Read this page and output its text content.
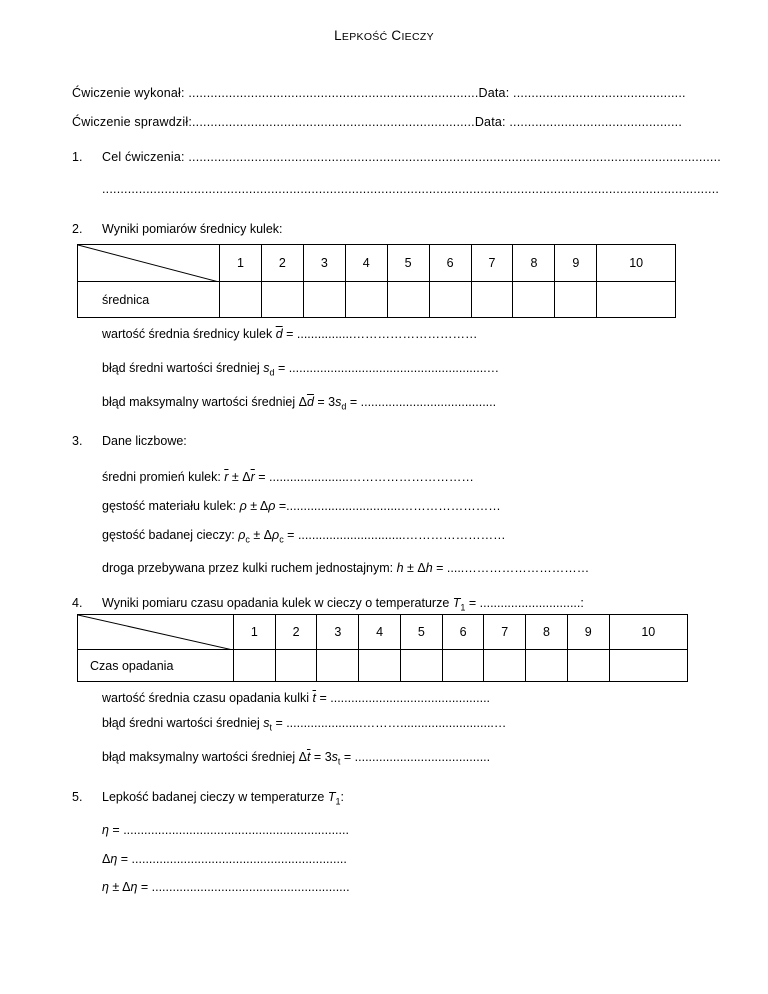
LEPKOŚĆ CIECZY
Ćwiczenie wykonał: ...............................................................................Data: ...............................................
Ćwiczenie sprawdził:.............................................................................Data: ...............................................
1. Cel ćwiczenia: .................................................................................................................................................
........................................................................................................................................................................
2. Wyniki pomiarów średnicy kulek:
	1	2	3	4	5	6	7	8	9	10
średnica										
wartość średnia średnicy kulek $\overline{d}$ = ................…………………………
błąd średni wartości średniej $s_d$ = .........................................................…
błąd maksymalny wartości średniej $\Delta\overline{d} = 3s_d$ = .......................................
3. Dane liczbowe:
średni promień kulek: $\overline{r} \pm \Delta\overline{r}$ = .......................…………………………
gęstość materiału kulek: ρ ± Δρ =.................................……………………
gęstość badanej cieczy: $\rho_c \pm \Delta\rho_c$ = ...............................……………………
droga przebywana przez kulki ruchem jednostajnym: h ± Δh = .....…………………………
4. Wyniki pomiaru czasu opadania kulek w cieczy o temperaturze $T_1$ = .............................:
	1	2	3	4	5	6	7	8	9	10
Czas opadania										
wartość średnia czasu opadania kulki $\overline{t}$ = ..............................................
błąd średni wartości średniej $s_t$ = ......................………...........................…
błąd maksymalny wartości średniej $\Delta\overline{t} = 3s_t$ = .......................................
5. Lepkość badanej cieczy w temperaturze $T_1$:
η = .................................................................
Δη = ..............................................................
η ± Δη = .........................................................
